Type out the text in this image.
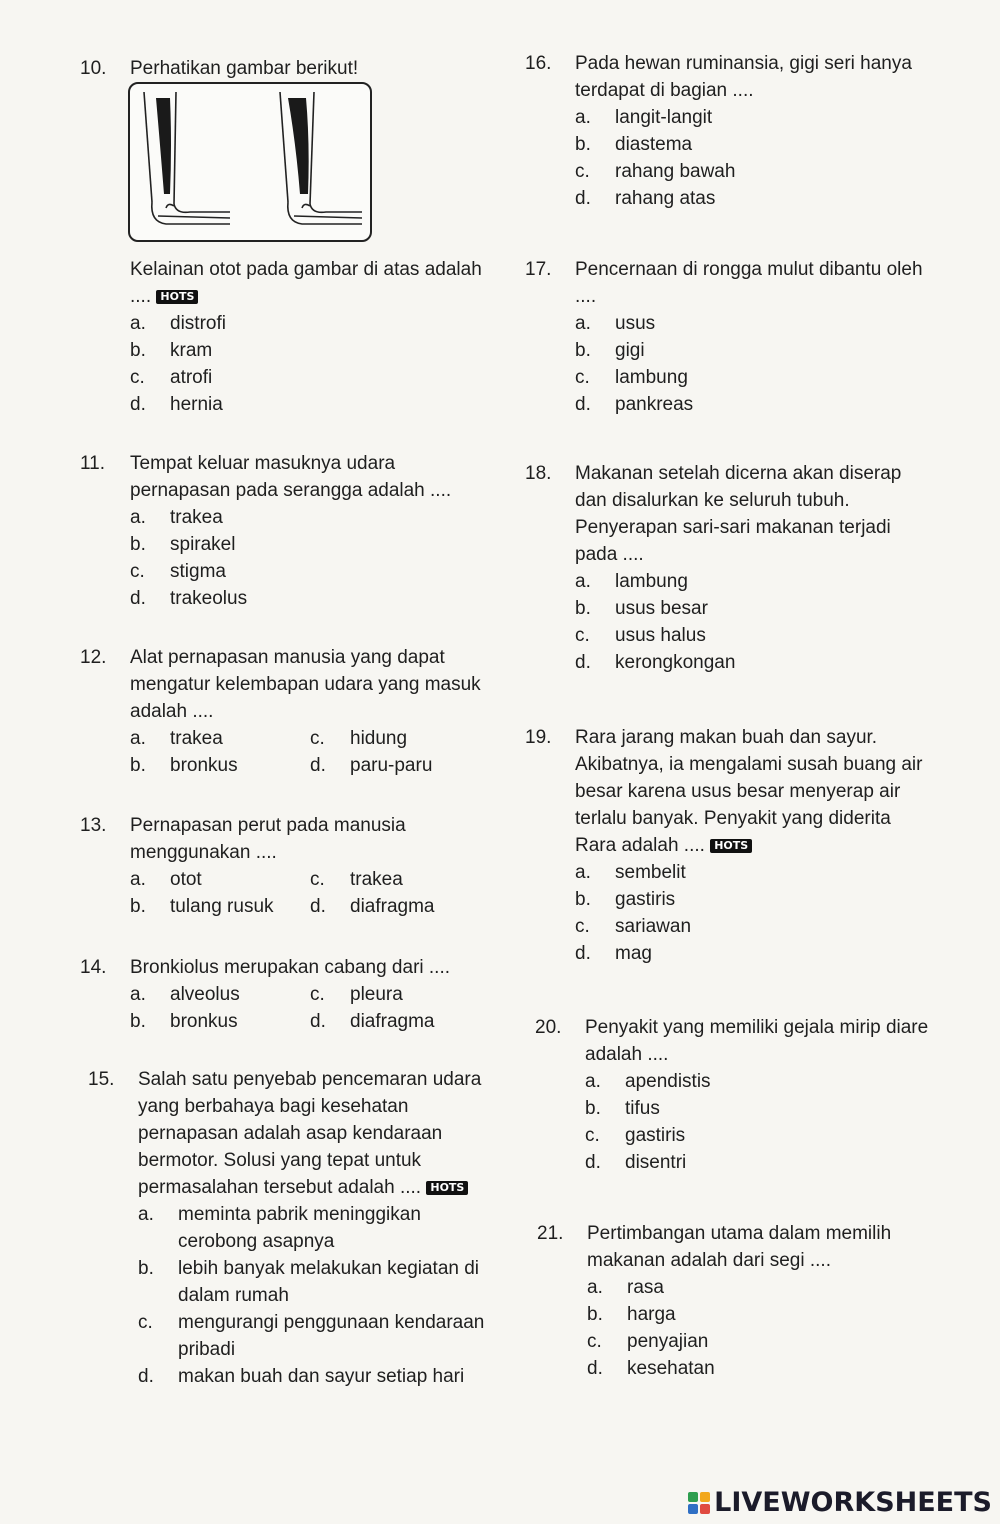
10. Perhatikan gambar berikut!

Kelainan otot pada gambar di atas adalah .... HOTS

a.	distrofi
b.	kram
c.	atrofi
d.	hernia
11. Tempat keluar masuknya udara pernapasan pada serangga adalah ....

a.	trakea
b.	spirakel
c.	stigma
d.	trakeolus
12. Alat pernapasan manusia yang dapat mengatur kelembapan udara yang masuk adalah ....

a.	trakea	c.	hidung
b.	bronkus	d.	paru-paru
13. Pernapasan perut pada manusia menggunakan ....

a.	otot	c.	trakea
b.	tulang rusuk d.	diafragma
14. Bronkiolus merupakan cabang dari ....

a.	alveolus	c.	pleura
b.	bronkus	d.	diafragma
15. Salah satu penyebab pencemaran udara yang berbahaya bagi kesehatan pernapasan adalah asap kendaraan bermotor. Solusi yang tepat untuk permasalahan tersebut adalah .... HOTS

a.	meminta pabrik meninggikan cerobong asapnya
b.	lebih banyak melakukan kegiatan di dalam rumah
c.	mengurangi penggunaan kendaraan pribadi
d.	makan buah dan sayur setiap hari
16. Pada hewan ruminansia, gigi seri hanya terdapat di bagian ....

a.	langit-langit
b.	diastema
c.	rahang bawah
d.	rahang atas
17. Pencernaan di rongga mulut dibantu oleh ....

a.	usus
b.	gigi
c.	lambung
d.	pankreas
18. Makanan setelah dicerna akan diserap dan disalurkan ke seluruh tubuh. Penyerapan sari-sari makanan terjadi pada ....

a.	lambung
b.	usus besar
c.	usus halus
d.	kerongkongan
19. Rara jarang makan buah dan sayur. Akibatnya, ia mengalami susah buang air besar karena usus besar menyerap air terlalu banyak. Penyakit yang diderita Rara adalah .... HOTS

a.	sembelit
b.	gastiris
c.	sariawan
d.	mag
20. Penyakit yang memiliki gejala mirip diare adalah ....

a.	apendistis
b.	tifus
c.	gastiris
d.	disentri
21. Pertimbangan utama dalam memilih makanan adalah dari segi ....

a.	rasa
b.	harga
c.	penyajian
d.	kesehatan
LIVEWORKSHEETS
